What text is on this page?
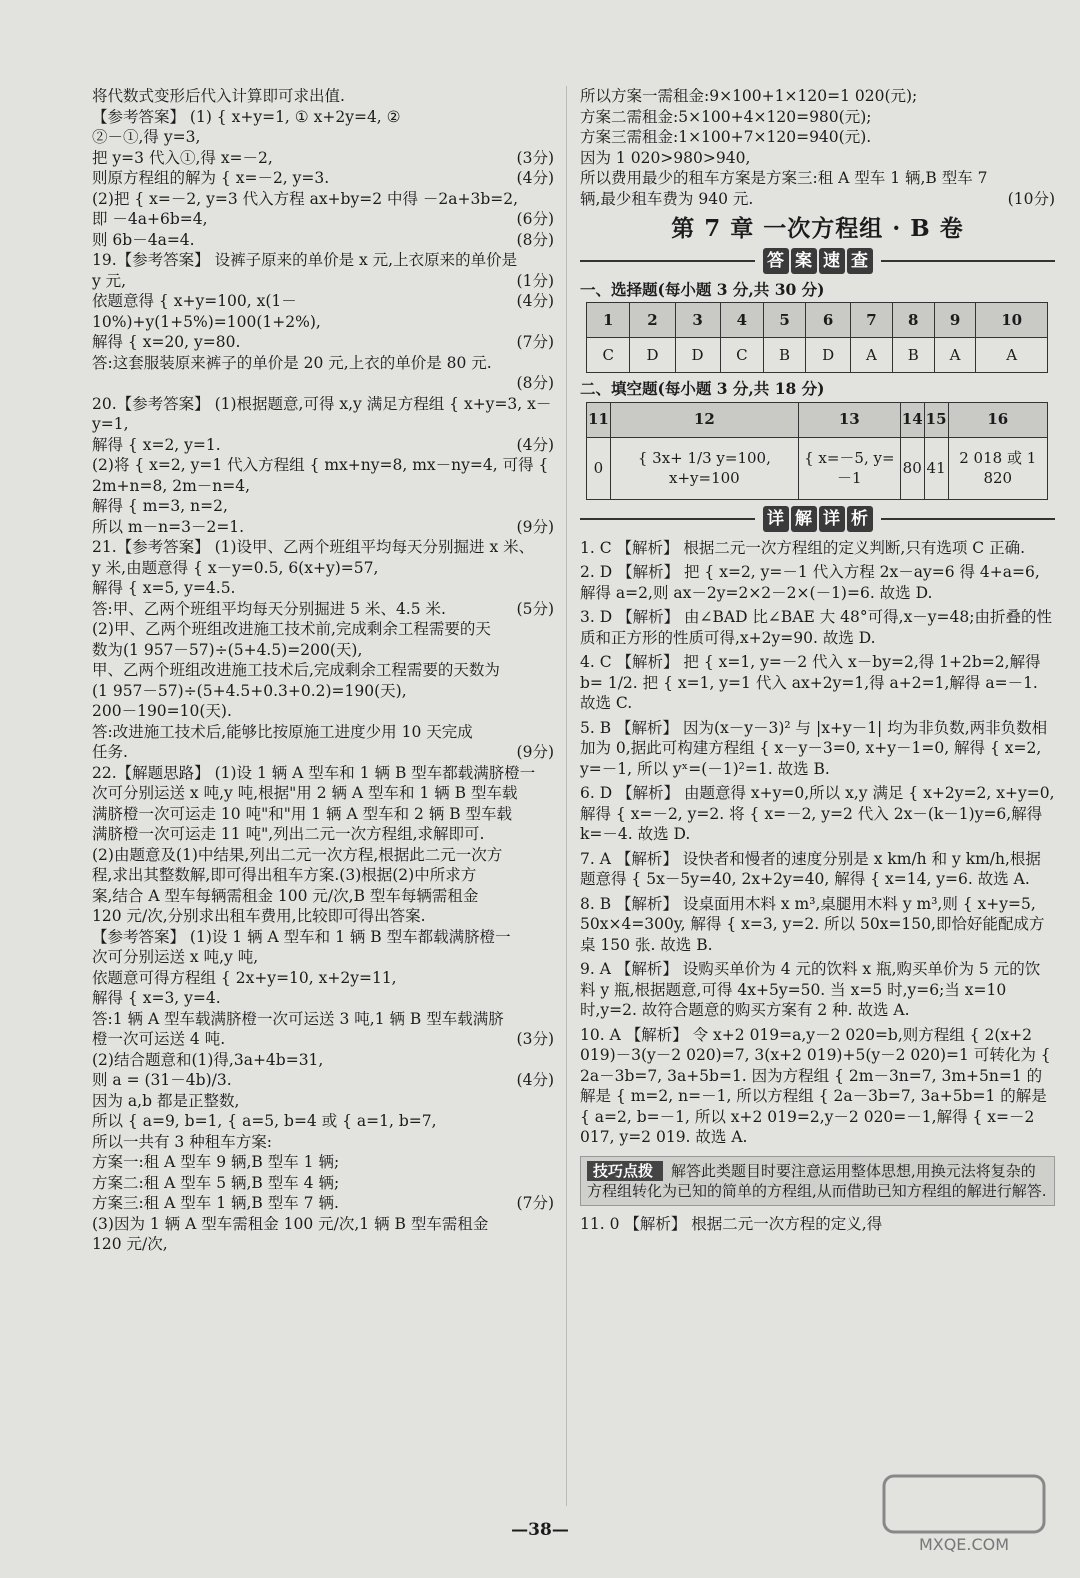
将代数式变形后代入计算即可求出值.
【参考答案】 (1) { x+y=1, ① x+2y=4, ②
②－①,得 y=3,
把 y=3 代入①,得 x=－2,	(3分)
则原方程组的解为 { x=－2, y=3.	(4分)
(2)把 { x=－2, y=3 代入方程 ax+by=2 中得 －2a+3b=2,
即 －4a+6b=4,	(6分)
则 6b－4a=4.	(8分)
19.【参考答案】 设裤子原来的单价是 x 元,上衣原来的单价是
y 元,	(1分)
依题意得 { x+y=100, x(1－10%)+y(1+5%)=100(1+2%),
(4分)
解得 { x=20, y=80.	(7分)
答:这套服装原来裤子的单价是 20 元,上衣的单价是 80 元.
(8分)
20.【参考答案】 (1)根据题意,可得 x,y 满足方程组 { x+y=3, x－y=1,
解得 { x=2, y=1.	(4分)
(2)将 { x=2, y=1 代入方程组 { mx+ny=8, mx－ny=4, 可得 { 2m+n=8, 2m－n=4,
解得 { m=3, n=2,
所以 m－n=3－2=1.	(9分)
21.【参考答案】 (1)设甲、乙两个班组平均每天分别掘进 x 米、
y 米,由题意得 { x－y=0.5, 6(x+y)=57,
解得 { x=5, y=4.5.
答:甲、乙两个班组平均每天分别掘进 5 米、4.5 米.	(5分)
(2)甲、乙两个班组改进施工技术前,完成剩余工程需要的天
数为(1 957－57)÷(5+4.5)=200(天),
甲、乙两个班组改进施工技术后,完成剩余工程需要的天数为
(1 957－57)÷(5+4.5+0.3+0.2)=190(天),
200－190=10(天).
答:改进施工技术后,能够比按原施工进度少用 10 天完成
任务.	(9分)
22.【解题思路】 (1)设 1 辆 A 型车和 1 辆 B 型车都载满脐橙一
次可分别运送 x 吨,y 吨,根据"用 2 辆 A 型车和 1 辆 B 型车载
满脐橙一次可运走 10 吨"和"用 1 辆 A 型车和 2 辆 B 型车载
满脐橙一次可运走 11 吨",列出二元一次方程组,求解即可.
(2)由题意及(1)中结果,列出二元一次方程,根据此二元一次方
程,求出其整数解,即可得出租车方案.(3)根据(2)中所求方
案,结合 A 型车每辆需租金 100 元/次,B 型车每辆需租金
120 元/次,分别求出租车费用,比较即可得出答案.
【参考答案】 (1)设 1 辆 A 型车和 1 辆 B 型车都载满脐橙一
次可分别运送 x 吨,y 吨,
依题意可得方程组 { 2x+y=10, x+2y=11,
解得 { x=3, y=4.
答:1 辆 A 型车载满脐橙一次可运送 3 吨,1 辆 B 型车载满脐
橙一次可运送 4 吨.	(3分)
(2)结合题意和(1)得,3a+4b=31,
则 a = (31－4b)/3.	(4分)
因为 a,b 都是正整数,
所以 { a=9, b=1, { a=5, b=4 或 { a=1, b=7,
所以一共有 3 种租车方案:
方案一:租 A 型车 9 辆,B 型车 1 辆;
方案二:租 A 型车 5 辆,B 型车 4 辆;
方案三:租 A 型车 1 辆,B 型车 7 辆.	(7分)
(3)因为 1 辆 A 型车需租金 100 元/次,1 辆 B 型车需租金
120 元/次,
所以方案一需租金:9×100+1×120=1 020(元);
方案二需租金:5×100+4×120=980(元);
方案三需租金:1×100+7×120=940(元).
因为 1 020>980>940,
所以费用最少的租车方案是方案三:租 A 型车 1 辆,B 型车 7
辆,最少租车费为 940 元.	(10分)
第 7 章 一次方程组 · B 卷
答 案 速 查
一、选择题(每小题 3 分,共 30 分)
1	2	3	4	5	6	7	8	9	10
C	D	D	C	B	D	A	B	A	A
二、填空题(每小题 3 分,共 18 分)
11	12	13	14	15	16
0	{ 3x+ 1/3 y=100, x+y=100	{ x=－5, y=－1	80	41	2 018 或 1 820
详 解 详 析
1. C 【解析】 根据二元一次方程组的定义判断,只有选项 C 正确.
2. D 【解析】 把 { x=2, y=－1 代入方程 2x－ay=6 得 4+a=6,解得 a=2,则 ax－2y=2×2－2×(－1)=6. 故选 D.
3. D 【解析】 由∠BAD 比∠BAE 大 48°可得,x－y=48;由折叠的性质和正方形的性质可得,x+2y=90. 故选 D.
4. C 【解析】 把 { x=1, y=－2 代入 x－by=2,得 1+2b=2,解得 b= 1/2. 把 { x=1, y=1 代入 ax+2y=1,得 a+2=1,解得 a=－1. 故选 C.
5. B 【解析】 因为(x－y－3)² 与 |x+y－1| 均为非负数,两非负数相加为 0,据此可构建方程组 { x－y－3=0, x+y－1=0, 解得 { x=2, y=－1, 所以 yˣ=(－1)²=1. 故选 B.
6. D 【解析】 由题意得 x+y=0,所以 x,y 满足 { x+2y=2, x+y=0, 解得 { x=－2, y=2. 将 { x=－2, y=2 代入 2x－(k－1)y=6,解得 k=－4. 故选 D.
7. A 【解析】 设快者和慢者的速度分别是 x km/h 和 y km/h,根据题意得 { 5x－5y=40, 2x+2y=40, 解得 { x=14, y=6. 故选 A.
8. B 【解析】 设桌面用木料 x m³,桌腿用木料 y m³,则 { x+y=5, 50x×4=300y, 解得 { x=3, y=2. 所以 50x=150,即恰好能配成方桌 150 张. 故选 B.
9. A 【解析】 设购买单价为 4 元的饮料 x 瓶,购买单价为 5 元的饮料 y 瓶,根据题意,可得 4x+5y=50. 当 x=5 时,y=6;当 x=10 时,y=2. 故符合题意的购买方案有 2 种. 故选 A.
10. A 【解析】 令 x+2 019=a,y－2 020=b,则方程组 { 2(x+2 019)－3(y－2 020)=7, 3(x+2 019)+5(y－2 020)=1 可转化为 { 2a－3b=7, 3a+5b=1. 因为方程组 { 2m－3n=7, 3m+5n=1 的解是 { m=2, n=－1, 所以方程组 { 2a－3b=7, 3a+5b=1 的解是 { a=2, b=－1, 所以 x+2 019=2,y－2 020=－1,解得 { x=－2 017, y=2 019. 故选 A.
技巧点拨 解答此类题目时要注意运用整体思想,用换元法将复杂的方程组转化为已知的简单的方程组,从而借助已知方程组的解进行解答.
11. 0 【解析】 根据二元一次方程的定义,得
—38—
MXQE.COM
